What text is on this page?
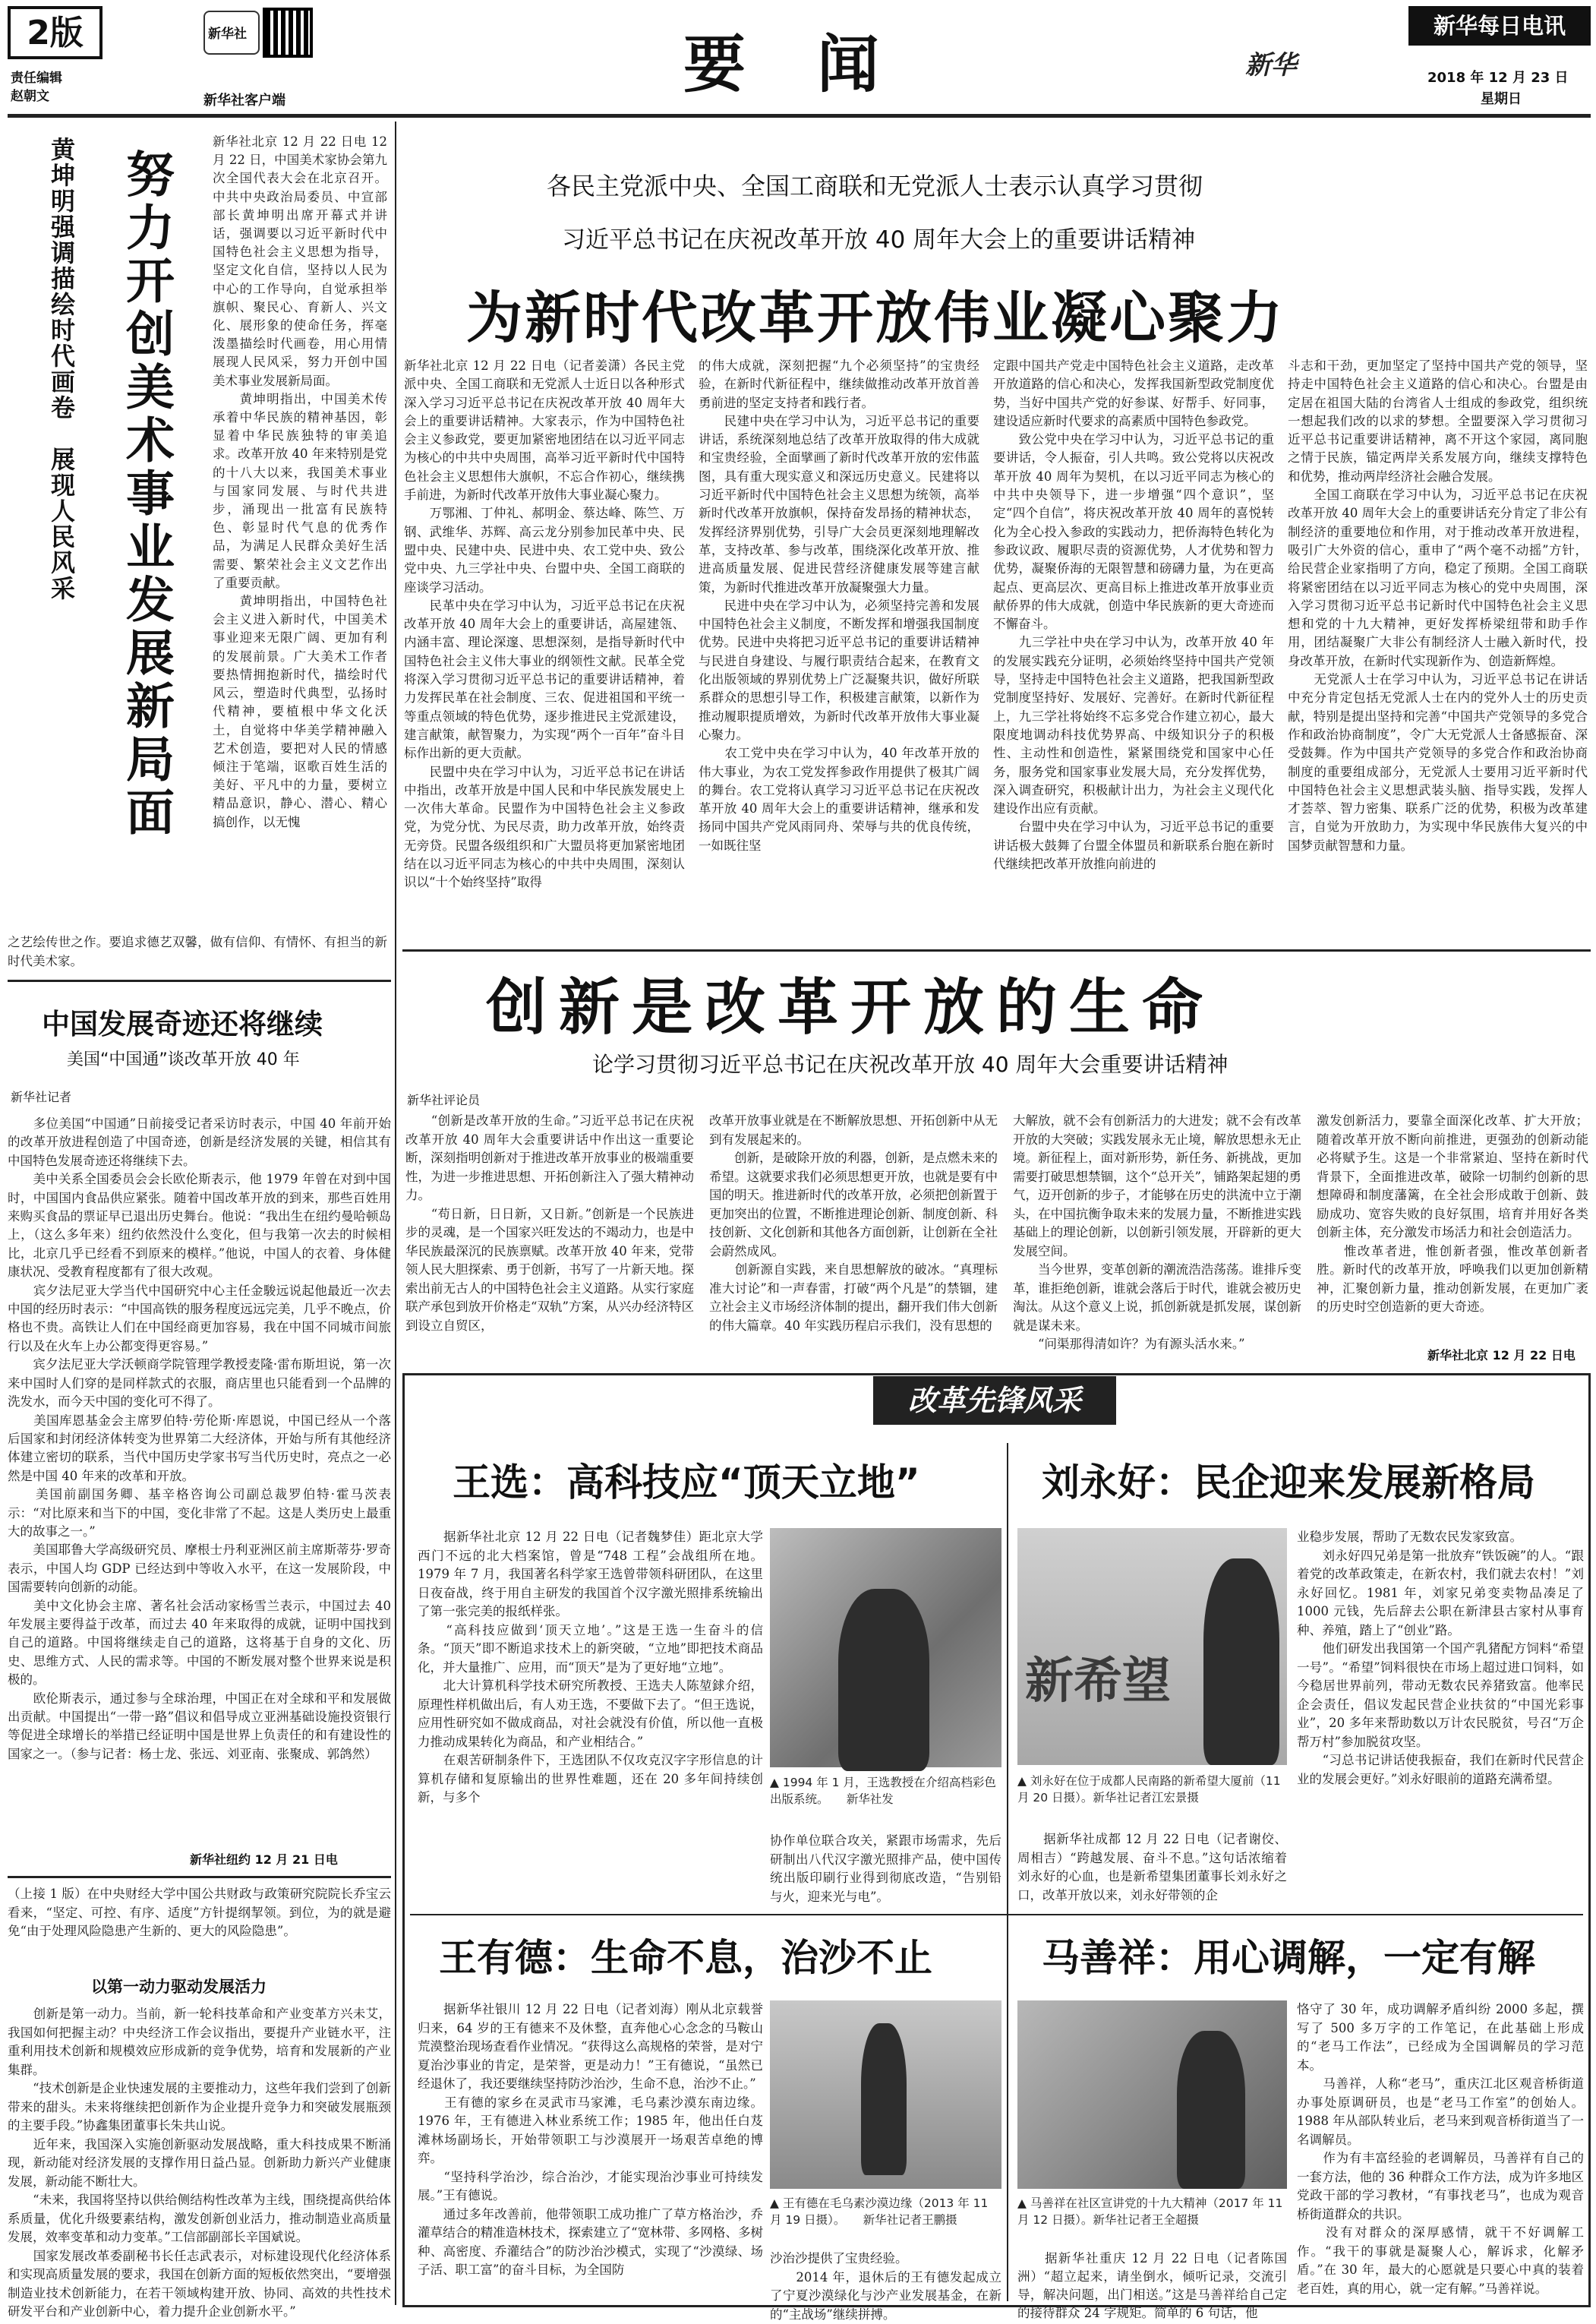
2版
责任编辑
赵朝文
新华社
新华社客户端	要　闻	新华
新华每日电讯
2018 年 12 月 23 日
星期日
黄坤明强调描绘时代画卷　展现人民风采 努力开创美术事业发展新局面
新华社北京 12 月 22 日电 12 月 22 日，中国美术家协会第九次全国代表大会在北京召开。中共中央政治局委员、中宣部部长黄坤明出席开幕式并讲话，强调要以习近平新时代中国特色社会主义思想为指导，坚定文化自信，坚持以人民为中心的工作导向，自觉承担举旗帜、聚民心、育新人、兴文化、展形象的使命任务，挥毫泼墨描绘时代画卷，用心用情展现人民风采，努力开创中国美术事业发展新局面。
　　黄坤明指出，中国美术传承着中华民族的精神基因，彰显着中华民族独特的审美追求。改革开放 40 年来特别是党的十八大以来，我国美术事业与国家同发展、与时代共进步，涌现出一批富有民族特色、彰显时代气息的优秀作品，为满足人民群众美好生活需要、繁荣社会主义文艺作出了重要贡献。
　　黄坤明指出，中国特色社会主义进入新时代，中国美术事业迎来无限广阔、更加有利的发展前景。广大美术工作者要热情拥抱新时代，描绘时代风云，塑造时代典型，弘扬时代精神，要植根中华文化沃土，自觉将中华美学精神融入艺术创造，要把对人民的情感倾注于笔端，讴歌百姓生活的美好、平凡中的力量，要树立精品意识，静心、潜心、精心搞创作，以无愧
之艺绘传世之作。要追求德艺双馨，做有信仰、有情怀、有担当的新时代美术家。
中国发展奇迹还将继续
美国“中国通”谈改革开放 40 年
新华社记者
　　多位美国“中国通”日前接受记者采访时表示，中国 40 年前开始的改革开放进程创造了中国奇迹，创新是经济发展的关键，相信其有中国特色发展奇迹还将继续下去。
　　美中关系全国委员会会长欧伦斯表示，他 1979 年曾在对到中国时，中国国内食品供应紧张。随着中国改革开放的到来，那些百姓用来购买食品的票证早已退出历史舞台。他说：“我出生在纽约曼哈顿岛上，（这么多年来）纽约依然没什么变化，但与我第一次去的时候相比，北京几乎已经看不到原来的模样。”他说，中国人的衣着、身体健康状况、受教育程度都有了很大改观。
　　宾夕法尼亚大学当代中国研究中心主任金駿远说起他最近一次去中国的经历时表示：“中国高铁的服务程度远远完美，几乎不晚点，价格也不贵。高铁让人们在中国经商更加容易，我在中国不同城市间旅行以及在火车上办公都变得更容易。”
　　宾夕法尼亚大学沃顿商学院管理学教授麦隆·雷布斯坦说，第一次来中国时人们穿的是同样款式的衣服，商店里也只能看到一个品牌的洗发水，而今天中国的变化可不得了。
　　美国库恩基金会主席罗伯特·劳伦斯·库恩说，中国已经从一个落后国家和封闭经济体转变为世界第二大经济体，开始与所有其他经济体建立密切的联系，当代中国历史学家书写当代历史时，亮点之一必然是中国 40 年来的改革和开放。
　　美国前副国务卿、基辛格咨询公司副总裁罗伯特·霍马茨表示：“对比原来和当下的中国，变化非常了不起。这是人类历史上最重大的故事之一。”
　　美国耶鲁大学高级研究员、摩根士丹利亚洲区前主席斯蒂芬·罗奇表示，中国人均 GDP 已经达到中等收入水平，在这一发展阶段，中国需要转向创新的动能。
　　美中文化协会主席、著名社会活动家杨雪兰表示，中国过去 40 年发展主要得益于改革，而过去 40 年来取得的成就，证明中国找到自己的道路。中国将继续走自己的道路，这将基于自身的文化、历史、思维方式、人民的需求等。中国的不断发展对整个世界来说是积极的。
　　欧伦斯表示，通过参与全球治理，中国正在对全球和平和发展做出贡献。中国提出“一带一路”倡议和倡导成立亚洲基础设施投资银行等促进全球增长的举措已经证明中国是世界上负责任的和有建设性的国家之一。（参与记者：杨士龙、张远、刘亚南、张聚成、郭鸽然）
新华社纽约 12 月 21 日电
（上接 1 版）在中央财经大学中国公共财政与政策研究院院长乔宝云看来，“坚定、可控、有序、适度”方针提纲挈领。到位，为的就是避免“由于处理风险隐患产生新的、更大的风险隐患”。
以第一动力驱动发展活力
　　创新是第一动力。当前，新一轮科技革命和产业变革方兴未艾，我国如何把握主动？中央经济工作会议指出，要提升产业链水平，注重利用技术创新和规模效应形成新的竞争优势，培育和发展新的产业集群。
　　“技术创新是企业快速发展的主要推动力，这些年我们尝到了创新带来的甜头。未来将继续把创新作为企业提升竞争力和突破发展瓶颈的主要手段。”协鑫集团董事长朱共山说。
　　近年来，我国深入实施创新驱动发展战略，重大科技成果不断涌现，新动能对经济发展的支撑作用日益凸显。创新助力新兴产业健康发展，新动能不断壮大。
　　“未来，我国将坚持以供给侧结构性改革为主线，围绕提高供给体系质量，优化升级要素结构，激发创新创业活力，推动制造业高质量发展，效率变革和动力变革。”工信部副部长辛国斌说。
　　国家发展改革委副秘书长任志武表示，对标建设现代化经济体系和实现高质量发展的要求，我国在创新方面的短板依然突出，“要增强制造业技术创新能力，在若干领域构建开放、协同、高效的共性技术研发平台和产业创新中心，着力提升企业创新水平。”
各民主党派中央、全国工商联和无党派人士表示认真学习贯彻
习近平总书记在庆祝改革开放 40 周年大会上的重要讲话精神
为新时代改革开放伟业凝心聚力
新华社北京 12 月 22 日电（记者姜潇）各民主党派中央、全国工商联和无党派人士近日以各种形式深入学习习近平总书记在庆祝改革开放 40 周年大会上的重要讲话精神。大家表示，作为中国特色社会主义参政党，要更加紧密地团结在以习近平同志为核心的中共中央周围，高举习近平新时代中国特色社会主义思想伟大旗帜，不忘合作初心，继续携手前进，为新时代改革开放伟大事业凝心聚力。
　　万鄂湘、丁仲礼、郝明金、蔡达峰、陈竺、万钢、武维华、苏辉、高云龙分别参加民革中央、民盟中央、民建中央、民进中央、农工党中央、致公党中央、九三学社中央、台盟中央、全国工商联的座谈学习活动。
　　民革中央在学习中认为，习近平总书记在庆祝改革开放 40 周年大会上的重要讲话，高屋建瓴、内涵丰富、理论深邃、思想深刻，是指导新时代中国特色社会主义伟大事业的纲领性文献。民革全党将深入学习贯彻习近平总书记的重要讲话精神，着力发挥民革在社会制度、三农、促进祖国和平统一等重点领域的特色优势，逐步推进民主党派建设，建言献策，献智聚力，为实现“两个一百年”奋斗目标作出新的更大贡献。
　　民盟中央在学习中认为，习近平总书记在讲话中指出，改革开放是中国人民和中华民族发展史上一次伟大革命。民盟作为中国特色社会主义参政党，为党分忧、为民尽责，助力改革开放，始终责无旁贷。民盟各级组织和广大盟员将更加紧密地团结在以习近平同志为核心的中共中央周围，深刻认识以“十个始终坚持”取得
的伟大成就，深刻把握“九个必须坚持”的宝贵经验，在新时代新征程中，继续做推动改革开放首善勇前进的坚定支持者和践行者。
　　民建中央在学习中认为，习近平总书记的重要讲话，系统深刻地总结了改革开放取得的伟大成就和宝贵经验，全面擘画了新时代改革开放的宏伟蓝图，具有重大现实意义和深远历史意义。民建将以习近平新时代中国特色社会主义思想为统领，高举新时代改革开放旗帜，保持奋发昂扬的精神状态，发挥经济界别优势，引导广大会员更深刻地理解改革，支持改革、参与改革，围绕深化改革开放、推进高质量发展、促进民营经济健康发展等建言献策，为新时代推进改革开放凝聚强大力量。
　　民进中央在学习中认为，必须坚持完善和发展中国特色社会主义制度，不断发挥和增强我国制度优势。民进中央将把习近平总书记的重要讲话精神与民进自身建设、与履行职责结合起来，在教育文化出版领域的界别优势上广泛凝聚共识，做好所联系群众的思想引导工作，积极建言献策，以新作为推动履职提质增效，为新时代改革开放伟大事业凝心聚力。
　　农工党中央在学习中认为，40 年改革开放的伟大事业，为农工党发挥参政作用提供了极其广阔的舞台。农工党将认真学习习近平总书记在庆祝改革开放 40 周年大会上的重要讲话精神，继承和发扬同中国共产党风雨同舟、荣辱与共的优良传统，一如既往坚
定跟中国共产党走中国特色社会主义道路，走改革开放道路的信心和决心，发挥我国新型政党制度优势，当好中国共产党的好参谋、好帮手、好同事，建设适应新时代要求的高素质中国特色参政党。
　　致公党中央在学习中认为，习近平总书记的重要讲话，令人振奋，引人共鸣。致公党将以庆祝改革开放 40 周年为契机，在以习近平同志为核心的中共中央领导下，进一步增强“四个意识”，坚定“四个自信”，将庆祝改革开放 40 周年的喜悦转化为全心投入参政的实践动力，把侨海特色转化为参政议政、履职尽责的资源优势，人才优势和智力优势，凝聚侨海的无限智慧和磅礴力量，为在更高起点、更高层次、更高目标上推进改革开放事业贡献侨界的伟大成就，创造中华民族新的更大奇迹而不懈奋斗。
　　九三学社中央在学习中认为，改革开放 40 年的发展实践充分证明，必须始终坚持中国共产党领导，坚持走中国特色社会主义道路，把我国新型政党制度坚持好、发展好、完善好。在新时代新征程上，九三学社将始终不忘多党合作建立初心，最大限度地调动科技优势界高、中级知识分子的积极性、主动性和创造性，紧紧围绕党和国家中心任务，服务党和国家事业发展大局，充分发挥优势，深入调查研究，积极献计出力，为社会主义现代化建设作出应有贡献。
　　台盟中央在学习中认为，习近平总书记的重要讲话极大鼓舞了台盟全体盟员和新联系台胞在新时代继续把改革开放推向前进的
斗志和干劲，更加坚定了坚持中国共产党的领导，坚持走中国特色社会主义道路的信心和决心。台盟是由定居在祖国大陆的台湾省人士组成的参政党，组织统一想起我们改的以求的梦想。全盟要深入学习贯彻习近平总书记重要讲话精神，离不开这个家园，离同胞之情于民族，锚定两岸关系发展方向，继续支撑特色和优势，推动两岸经济社会融合发展。
　　全国工商联在学习中认为，习近平总书记在庆祝改革开放 40 周年大会上的重要讲话充分肯定了非公有制经济的重要地位和作用，对于推动改革开放进程，吸引广大外资的信心，重申了“两个毫不动摇”方针，给民营企业家指明了方向，稳定了预期。全国工商联将紧密团结在以习近平同志为核心的党中央周围，深入学习贯彻习近平总书记新时代中国特色社会主义思想和党的十九大精神，更好发挥桥梁纽带和助手作用，团结凝聚广大非公有制经济人士融入新时代，投身改革开放，在新时代实现新作为、创造新辉煌。
　　无党派人士在学习中认为，习近平总书记在讲话中充分肯定包括无党派人士在内的党外人士的历史贡献，特别是提出坚持和完善“中国共产党领导的多党合作和政治协商制度”，令广大无党派人士备感振奋、深受鼓舞。作为中国共产党领导的多党合作和政治协商制度的重要组成部分，无党派人士要用习近平新时代中国特色社会主义思想武装头脑、指导实践，发挥人才荟萃、智力密集、联系广泛的优势，积极为改革建言，自觉为开放助力，为实现中华民族伟大复兴的中国梦贡献智慧和力量。
创新是改革开放的生命
论学习贯彻习近平总书记在庆祝改革开放 40 周年大会重要讲话精神
新华社评论员
　　“创新是改革开放的生命。”习近平总书记在庆祝改革开放 40 周年大会重要讲话中作出这一重要论断，深刻指明创新对于推进改革开放事业的极端重要性，为进一步推进思想、开拓创新注入了强大精神动力。
　　“苟日新，日日新，又日新。”创新是一个民族进步的灵魂，是一个国家兴旺发达的不竭动力，也是中华民族最深沉的民族禀赋。改革开放 40 年来，党带领人民大胆探索、勇于创新，书写了一片新天地。探索出前无古人的中国特色社会主义道路。从实行家庭联产承包到放开价格走“双轨”方案，从兴办经济特区到设立自贸区，
改革开放事业就是在不断解放思想、开拓创新中从无到有发展起来的。
　　创新，是破除开放的利器，创新，是点燃未来的希望。这就要求我们必须思想更开放，也就是要有中国的明天。推进新时代的改革开放，必须把创新置于更加突出的位置，不断推进理论创新、制度创新、科技创新、文化创新和其他各方面创新，让创新在全社会蔚然成风。
　　创新源自实践，来自思想解放的破冰。“真理标准大讨论”和一声春雷，打破“两个凡是”的禁锢，建立社会主义市场经济体制的提出，翻开我们伟大创新的伟大篇章。40 年实践历程启示我们，没有思想的
大解放，就不会有创新活力的大进发；就不会有改革开放的大突破；实践发展永无止境，解放思想永无止境。新征程上，面对新形势，新任务、新挑战，更加需要打破思想禁锢，这个“总开关”，铺路架起翅的勇气，迈开创新的步子，才能够在历史的洪流中立于潮头，在中国抗衡争取未来的发展力量，不断推进实践基础上的理论创新，以创新引领发展，开辟新的更大发展空间。
　　当今世界，变革创新的潮流浩浩荡荡。谁排斥变革，谁拒绝创新，谁就会落后于时代，谁就会被历史淘汰。从这个意义上说，抓创新就是抓发展，谋创新就是谋未来。
　　“问渠那得清如许？为有源头活水来。”
激发创新活力，要靠全面深化改革、扩大开放；随着改革开放不断向前推进，更强劲的创新动能必将赋予生。这是一个非常紧迫、坚持在新时代背景下，全面推进改革，破除一切制约创新的思想障碍和制度藩篱，在全社会形成敢于创新、鼓励成功、宽容失败的良好氛围，培育并用好各类创新主体，充分激发市场活力和社会创造活力。
　　惟改革者进，惟创新者强，惟改革创新者胜。新时代的改革开放，呼唤我们以更加创新精神，汇聚创新力量，推动创新发展，在更加广袤的历史时空创造新的更大奇迹。
新华社北京 12 月 22 日电
改革先锋风采
王选：高科技应“顶天立地”
　　据新华社北京 12 月 22 日电（记者魏梦佳）距北京大学西门不远的北大档案馆，曾是“748 工程”会战组所在地。1979 年 7 月，我国著名科学家王选曾带领科研团队，在这里日夜奋战，终于用自主研发的我国首个汉字激光照排系统输出了第一张完美的报纸样张。
　　“高科技应做到‘顶天立地’。”这是王选一生奋斗的信条。“顶天”即不断追求技术上的新突破，“立地”即把技术商品化，并大量推广、应用，而“顶天”是为了更好地“立地”。
　　北大计算机科学技术研究所教授、王选夫人陈堃銶介绍，原理性样机做出后，有人劝王选，不要做下去了。“但王选说，应用性研究如不做成商品，对社会就没有价值，所以他一直极力推动成果转化为商品，和产业相结合。”
　　在艰苦研制条件下，王选团队不仅攻克汉字字形信息的计算机存储和复原输出的世界性难题，还在 20 多年间持续创新，与多个
▲ 1994 年 1 月，王选教授在介绍高档彩色出版系统。　　新华社发
协作单位联合攻关，紧跟市场需求，先后研制出八代汉字激光照排产品，使中国传统出版印刷行业得到彻底改造，“告别铅与火，迎来光与电”。
刘永好：民企迎来发展新格局
新希望
▲ 刘永好在位于成都人民南路的新希望大厦前（11 月 20 日摄）。新华社记者江宏景摄
　　据新华社成都 12 月 22 日电（记者谢佼、周相吉）“跨越发展、奋斗不息。”这句话浓缩着刘永好的心血，也是新希望集团董事长刘永好之口，改革开放以来，刘永好带领的企
业稳步发展，帮助了无数农民发家致富。
　　刘永好四兄弟是第一批放弃“铁饭碗”的人。“跟着党的改革政策走，在新农村，我们就去农村！”刘永好回忆。1981 年，刘家兄弟变卖物品凑足了 1000 元钱，先后辞去公职在新津县古家村从事育种、养殖，踏上了“创业”路。
　　他们研发出我国第一个国产乳猪配方饲料“希望一号”。“希望”饲料很快在市场上超过进口饲料，如今稳居世界前列，带动无数农民养猪致富。他率民企会责任，倡议发起民营企业扶贫的“中国光彩事业”，20 多年来帮助数以万计农民脱贫，号召“万企帮万村”参加脱贫攻坚。
　　“习总书记讲话使我振奋，我们在新时代民营企业的发展会更好。”刘永好眼前的道路充满希望。
王有德：生命不息，治沙不止
　　据新华社银川 12 月 22 日电（记者刘海）刚从北京载誉归来，64 岁的王有德来不及休整，直奔他心心念念的马鞍山荒漠整治现场查看作业情况。“获得这么高规格的荣誉，是对宁夏治沙事业的肯定，是荣誉，更是动力！”王有德说，“虽然已经退休了，我还要继续坚持防沙治沙，生命不息，治沙不止。”
　　王有德的家乡在灵武市马家滩，毛乌素沙漠东南边缘。1976 年，王有德进入林业系统工作；1985 年，他出任白芨滩林场副场长，开始带领职工与沙漠展开一场艰苦卓绝的博弈。
　　“坚持科学治沙，综合治沙，才能实现治沙事业可持续发展。”王有德说。
　　通过多年改善前，他带领职工成功推广了草方格治沙，乔灌草结合的精准造林技术，探索建立了“宽林带、多网格、多树种、高密度、乔灌结合”的防沙治沙模式，实现了“沙漠绿、场子活、职工富”的奋斗目标，为全国防
▲ 王有德在毛乌素沙漠边缘（2013 年 11 月 19 日摄）。　　新华社记者王鹏摄
沙治沙提供了宝贵经验。
　　2014 年，退休后的王有德发起成立了宁夏沙漠绿化与沙产业发展基金，在新的“主战场”继续拼搏。
马善祥：用心调解，一定有解
▲ 马善祥在社区宣讲党的十九大精神（2017 年 11 月 12 日摄）。新华社记者王全超摄
　　据新华社重庆 12 月 22 日电（记者陈国洲）“超立起来，请坐倒水，倾听记录，交流引导，解决问题，出门相送。”这是马善祥给自己定的接待群众 24 字规矩。简单的 6 句话，他
恪守了 30 年，成功调解矛盾纠纷 2000 多起，撰写了 500 多万字的工作笔记，在此基础上形成的“老马工作法”，已经成为全国调解员的学习范本。
　　马善祥，人称“老马”，重庆江北区观音桥街道办事处原调研员，也是“老马工作室”的创始人。1988 年从部队转业后，老马来到观音桥街道当了一名调解员。
　　作为有丰富经验的老调解员，马善祥有自己的一套方法，他的 36 种群众工作方法，成为许多地区党政干部的学习教材，“有事找老马”，也成为观音桥街道群众的共识。
　　没有对群众的深厚感情，就干不好调解工作。“我干的事就是凝聚人心，解诉求，化解矛盾。”在 30 年，最大的心愿就是只要心中真的装着老百姓，真的用心，就一定有解。”马善祥说。
